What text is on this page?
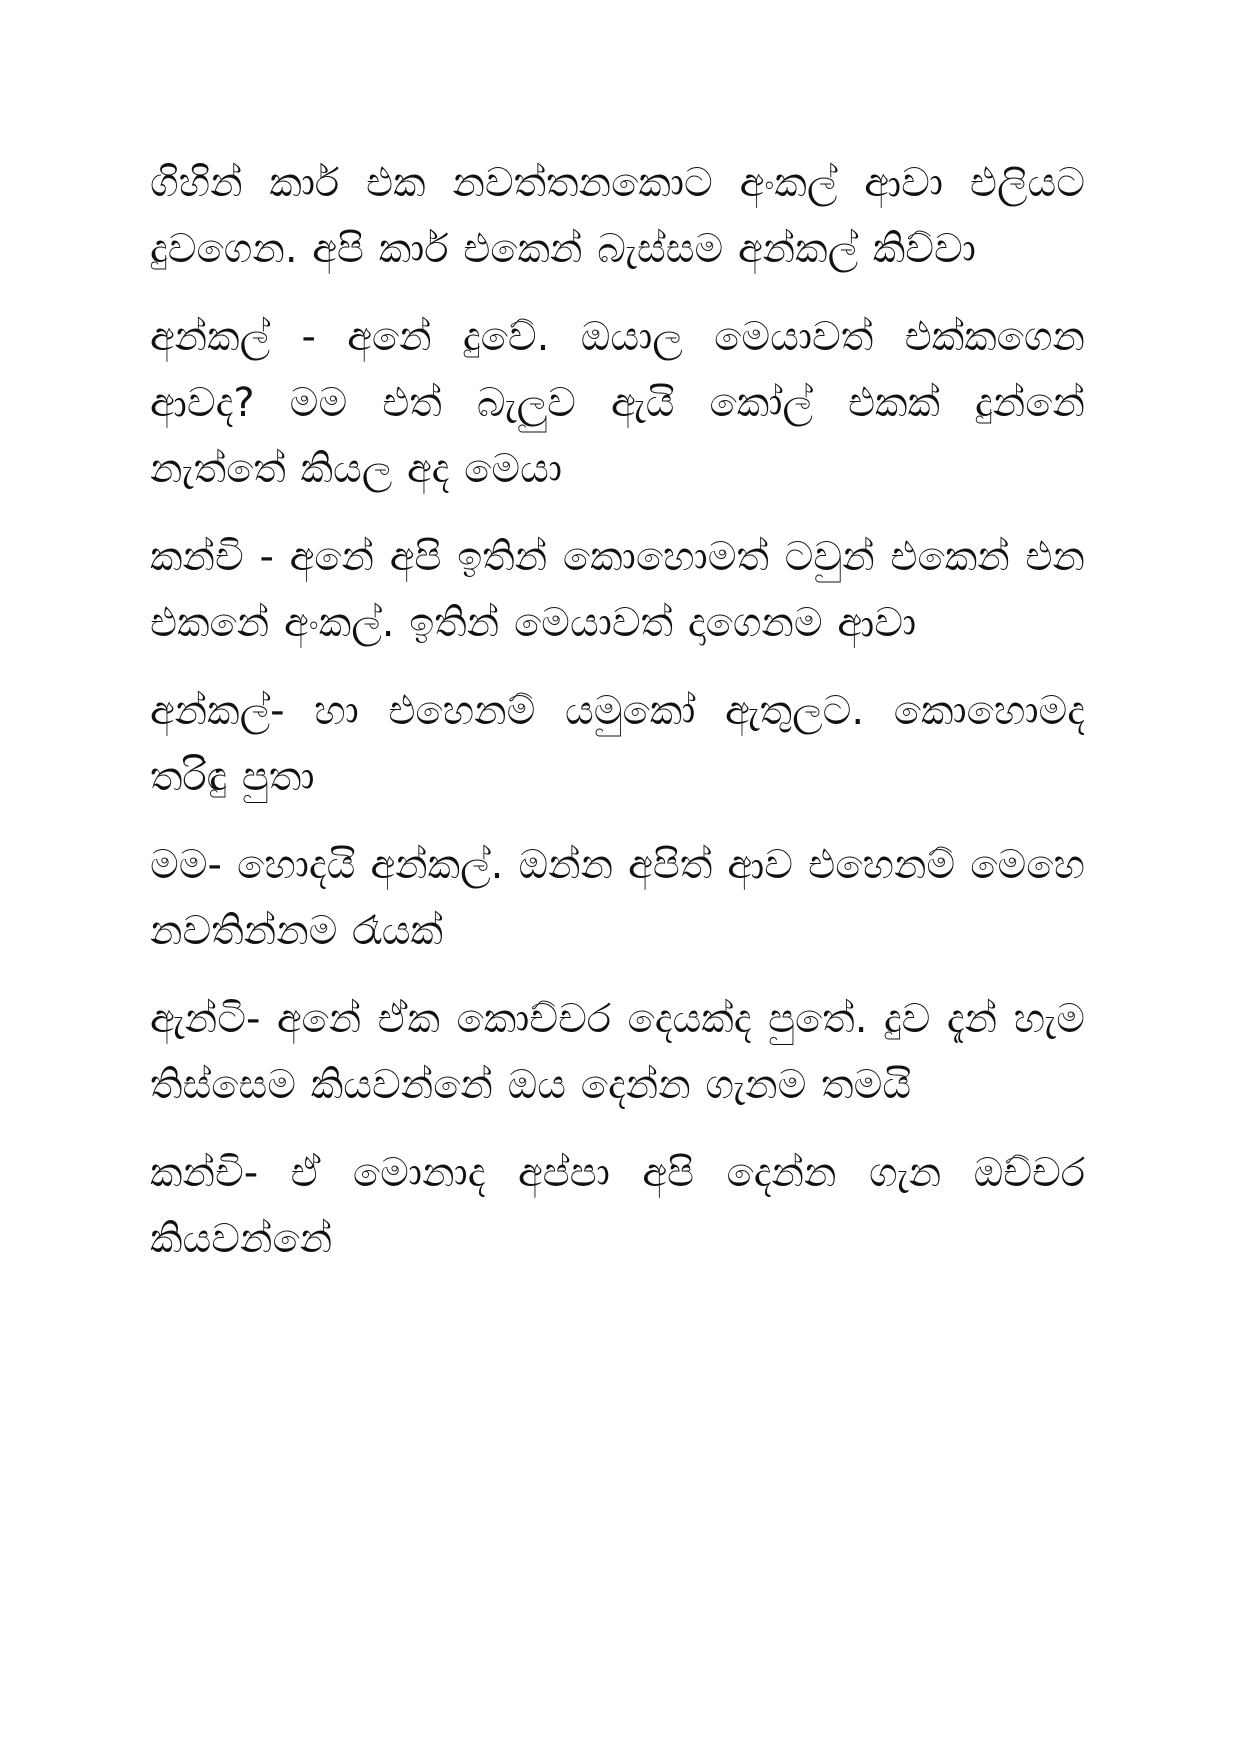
ගිහින් කාර් එක නවත්තනකොට අංකල් ආවා එලියට දුවගෙන. අපි කාර් එකෙන් බැස්සම අන්කල් කිව්වා

අන්කල් - අනේ දුවේ. ඔයාල මෙයාවත් එක්කගෙන ආවද? මම එත් බැලුව ඇයි කෝල් එකක් දුන්නේ නැත්තේ කියල අද මෙයා

කන්චි - අනේ අපි ඉතින් කොහොමත් ටවුන් එකෙන් එන එකනේ අංකල්. ඉතින් මෙයාවත් දාගෙනම ආවා

අන්කල්- හා එහෙනම් යමුකෝ ඇතුලට. කොහොමද තරිඳු පුතා

මම- හොදයි අන්කල්. ඔන්න අපිත් ආව එහෙනම් මෙහෙ නවතින්නම රෑයක්

ඇන්ටි- අනේ ඒක කොච්චර දෙයක්ද පුතේ. දුව දැන් හැම තිස්සෙම කියවන්නේ ඔය දෙන්න ගැනම තමයි

කන්චි- ඒ මොනාද අප්පා අපි දෙන්න ගැන ඔච්චර කියවන්නේ
